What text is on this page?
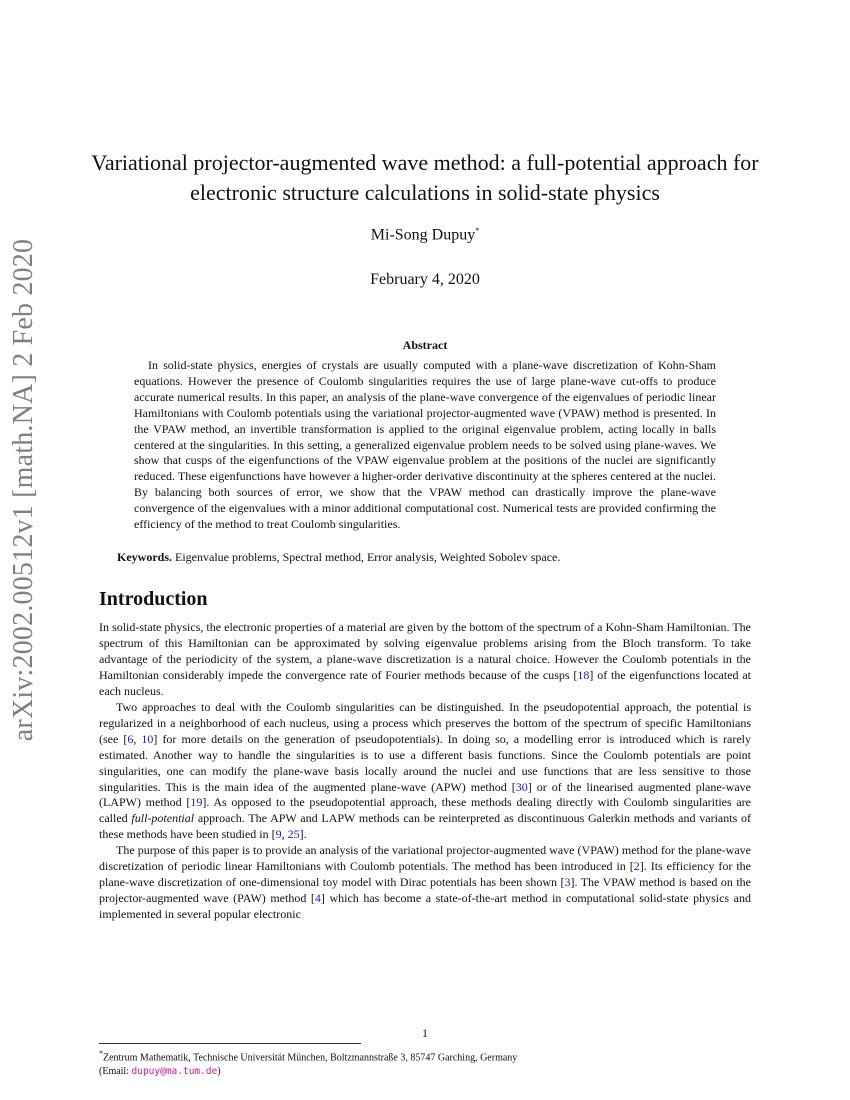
arXiv:2002.00512v1 [math.NA] 2 Feb 2020
Variational projector-augmented wave method: a full-potential approach for electronic structure calculations in solid-state physics
Mi-Song Dupuy*
February 4, 2020
Abstract

In solid-state physics, energies of crystals are usually computed with a plane-wave discretization of Kohn-Sham equations. However the presence of Coulomb singularities requires the use of large plane-wave cut-offs to produce accurate numerical results. In this paper, an analysis of the plane-wave convergence of the eigenvalues of periodic linear Hamiltonians with Coulomb potentials using the variational projector-augmented wave (VPAW) method is presented. In the VPAW method, an invertible transformation is applied to the original eigenvalue problem, acting locally in balls centered at the singularities. In this setting, a generalized eigenvalue problem needs to be solved using plane-waves. We show that cusps of the eigenfunctions of the VPAW eigenvalue problem at the positions of the nuclei are significantly reduced. These eigenfunctions have however a higher-order derivative discontinuity at the spheres centered at the nuclei. By balancing both sources of error, we show that the VPAW method can drastically improve the plane-wave convergence of the eigenvalues with a minor additional computational cost. Numerical tests are provided confirming the efficiency of the method to treat Coulomb singularities.

Keywords. Eigenvalue problems, Spectral method, Error analysis, Weighted Sobolev space.
Introduction

In solid-state physics, the electronic properties of a material are given by the bottom of the spectrum of a Kohn-Sham Hamiltonian. The spectrum of this Hamiltonian can be approximated by solving eigenvalue problems arising from the Bloch transform. To take advantage of the periodicity of the system, a plane-wave discretization is a natural choice. However the Coulomb potentials in the Hamiltonian considerably impede the convergence rate of Fourier methods because of the cusps [18] of the eigenfunctions located at each nucleus.

Two approaches to deal with the Coulomb singularities can be distinguished. In the pseudopotential approach, the potential is regularized in a neighborhood of each nucleus, using a process which preserves the bottom of the spectrum of specific Hamiltonians (see [6, 10] for more details on the generation of pseudopotentials). In doing so, a modelling error is introduced which is rarely estimated. Another way to handle the singularities is to use a different basis functions. Since the Coulomb potentials are point singularities, one can modify the plane-wave basis locally around the nuclei and use functions that are less sensitive to those singularities. This is the main idea of the augmented plane-wave (APW) method [30] or of the linearised augmented plane-wave (LAPW) method [19]. As opposed to the pseudopotential approach, these methods dealing directly with Coulomb singularities are called full-potential approach. The APW and LAPW methods can be reinterpreted as discontinuous Galerkin methods and variants of these methods have been studied in [9, 25].

The purpose of this paper is to provide an analysis of the variational projector-augmented wave (VPAW) method for the plane-wave discretization of periodic linear Hamiltonians with Coulomb potentials. The method has been introduced in [2]. Its efficiency for the plane-wave discretization of one-dimensional toy model with Dirac potentials has been shown [3]. The VPAW method is based on the projector-augmented wave (PAW) method [4] which has become a state-of-the-art method in computational solid-state physics and implemented in several popular electronic

*Zentrum Mathematik, Technische Universität München, Boltzmannstraße 3, 85747 Garching, Germany
(Email: dupuy@ma.tum.de)
1
